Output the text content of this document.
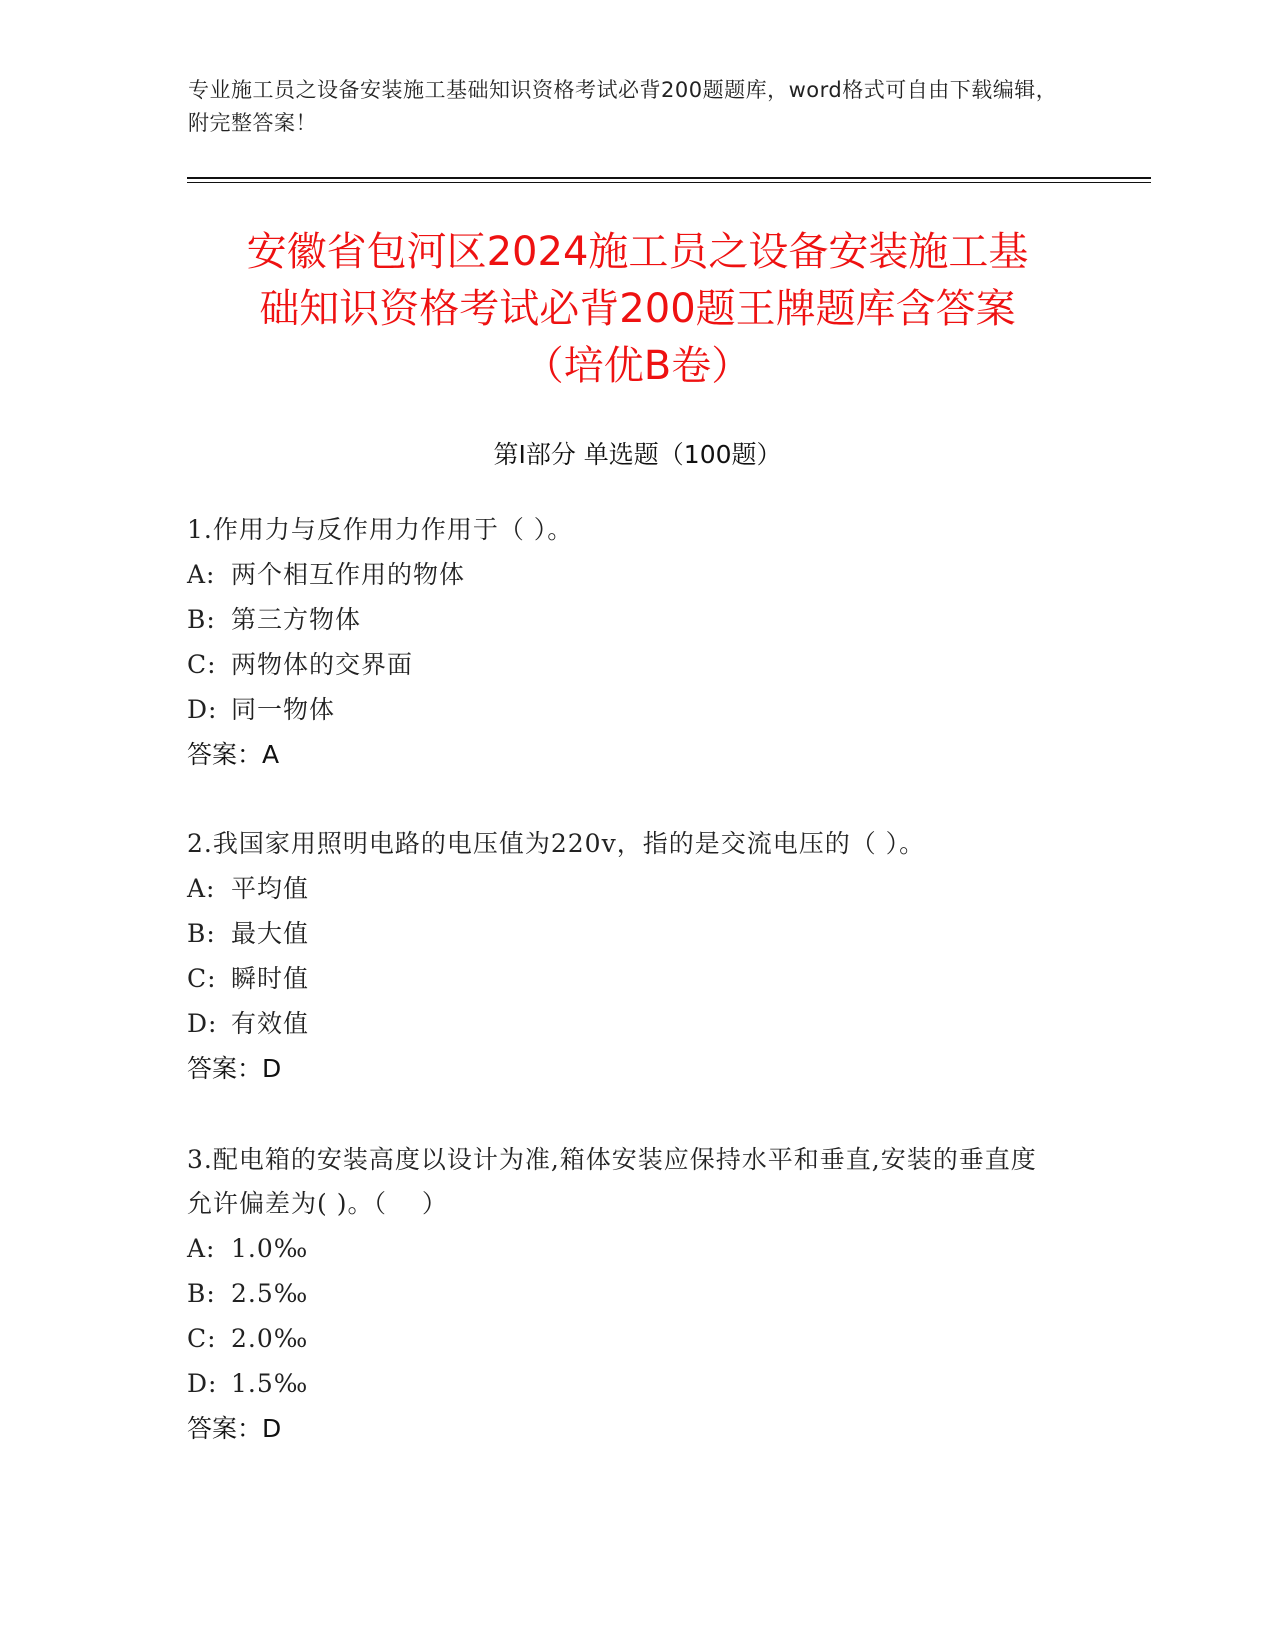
专业施工员之设备安装施工基础知识资格考试必背200题题库，word格式可自由下载编辑，附完整答案！
安徽省包河区2024施工员之设备安装施工基
础知识资格考试必背200题王牌题库含答案
（培优B卷）
第Ⅰ部分 单选题（100题）
1.作用力与反作用力作用于（ ）。
A: 两个相互作用的物体
B: 第三方物体
C: 两物体的交界面
D: 同一物体
答案：A
2.我国家用照明电路的电压值为220v，指的是交流电压的（ ）。
A: 平均值
B: 最大值
C: 瞬时值
D: 有效值
答案：D
3.配电箱的安装高度以设计为准,箱体安装应保持水平和垂直,安装的垂直度允许偏差为( )。（　 ）
A: 1.0‰
B: 2.5‰
C: 2.0‰
D: 1.5‰
答案：D
